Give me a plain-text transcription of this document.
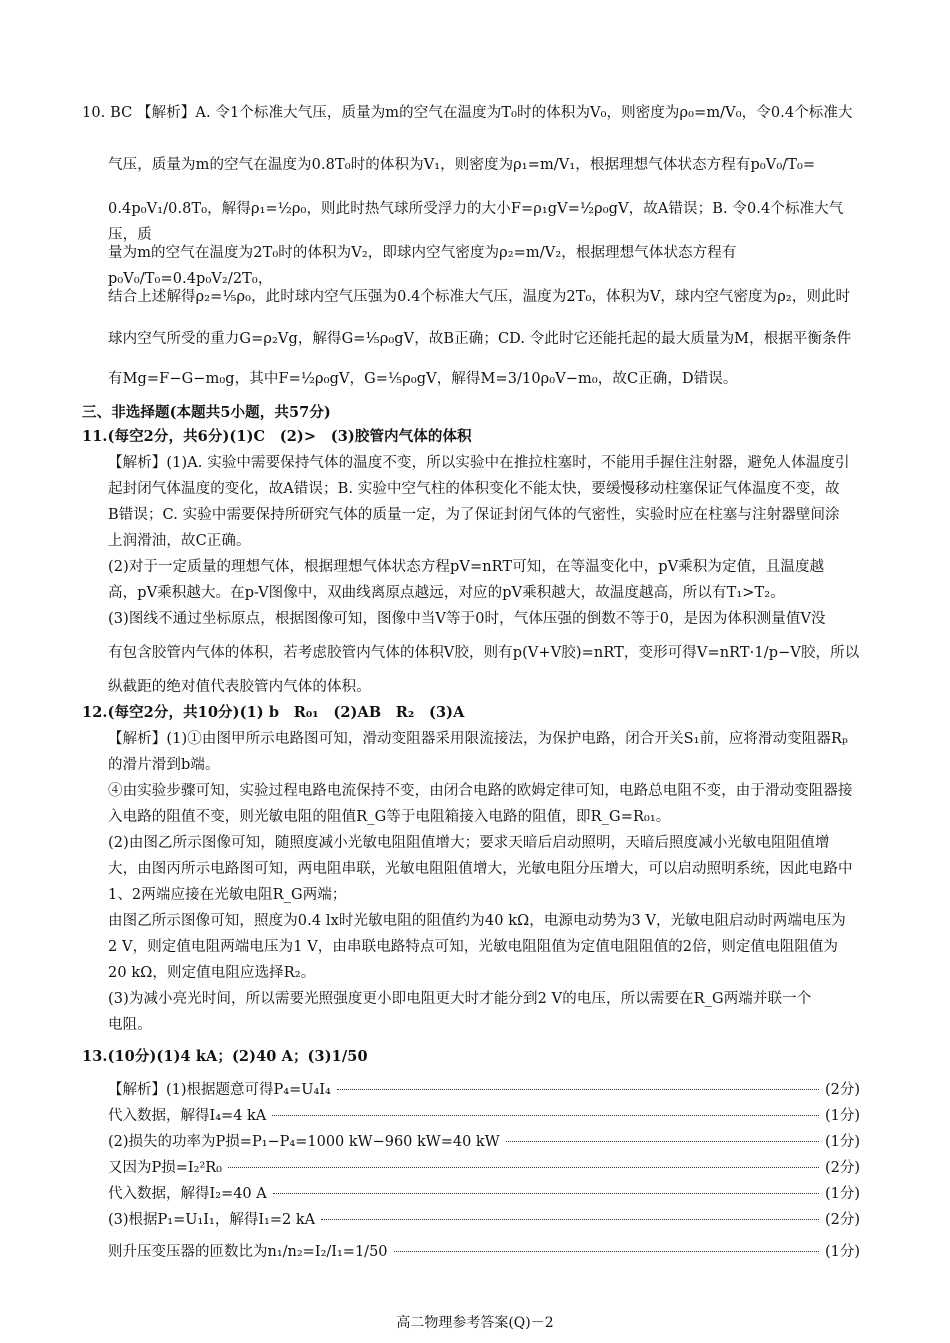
10. BC 【解析】A. 令1个标准大气压，质量为m的空气在温度为T₀时的体积为V₀，则密度为ρ₀=m/V₀，令0.4个标准大
气压，质量为m的空气在温度为0.8T₀时的体积为V₁，则密度为ρ₁=m/V₁，根据理想气体状态方程有p₀V₀/T₀=
0.4p₀V₁/0.8T₀，解得ρ₁=½ρ₀，则此时热气球所受浮力的大小F=ρ₁gV=½ρ₀gV，故A错误；B. 令0.4个标准大气压，质
量为m的空气在温度为2T₀时的体积为V₂，即球内空气密度为ρ₂=m/V₂，根据理想气体状态方程有p₀V₀/T₀=0.4p₀V₂/2T₀，
结合上述解得ρ₂=⅕ρ₀，此时球内空气压强为0.4个标准大气压，温度为2T₀，体积为V，球内空气密度为ρ₂，则此时
球内空气所受的重力G=ρ₂Vg，解得G=⅕ρ₀gV，故B正确；CD. 令此时它还能托起的最大质量为M，根据平衡条件
有Mg=F−G−m₀g，其中F=½ρ₀gV，G=⅕ρ₀gV，解得M=3/10ρ₀V−m₀，故C正确，D错误。
三、非选择题(本题共5小题，共57分)
11.(每空2分，共6分)(1)C　(2)>　(3)胶管内气体的体积
【解析】(1)A. 实验中需要保持气体的温度不变，所以实验中在推拉柱塞时，不能用手握住注射器，避免人体温度引
起封闭气体温度的变化，故A错误；B. 实验中空气柱的体积变化不能太快，要缓慢移动柱塞保证气体温度不变，故
B错误；C. 实验中需要保持所研究气体的质量一定，为了保证封闭气体的气密性，实验时应在柱塞与注射器壁间涂
上润滑油，故C正确。
(2)对于一定质量的理想气体，根据理想气体状态方程pV=nRT可知，在等温变化中，pV乘积为定值，且温度越
高，pV乘积越大。在p-V图像中，双曲线离原点越远，对应的pV乘积越大，故温度越高，所以有T₁>T₂。
(3)图线不通过坐标原点，根据图像可知，图像中当V等于0时，气体压强的倒数不等于0，是因为体积测量值V没
有包含胶管内气体的体积，若考虑胶管内气体的体积V胶，则有p(V+V胶)=nRT，变形可得V=nRT·1/p−V胶，所以
纵截距的绝对值代表胶管内气体的体积。
12.(每空2分，共10分)(1) b　R₀₁　(2)AB　R₂　(3)A
【解析】(1)①由图甲所示电路图可知，滑动变阻器采用限流接法，为保护电路，闭合开关S₁前，应将滑动变阻器Rₚ
的滑片滑到b端。
④由实验步骤可知，实验过程电路电流保持不变，由闭合电路的欧姆定律可知，电路总电阻不变，由于滑动变阻器接
入电路的阻值不变，则光敏电阻的阻值R_G等于电阻箱接入电路的阻值，即R_G=R₀₁。
(2)由图乙所示图像可知，随照度减小光敏电阻阻值增大；要求天暗后启动照明，天暗后照度减小光敏电阻阻值增
大，由图丙所示电路图可知，两电阻串联，光敏电阻阻值增大，光敏电阻分压增大，可以启动照明系统，因此电路中
1、2两端应接在光敏电阻R_G两端；
由图乙所示图像可知，照度为0.4 lx时光敏电阻的阻值约为40 kΩ，电源电动势为3 V，光敏电阻启动时两端电压为
2 V，则定值电阻两端电压为1 V，由串联电路特点可知，光敏电阻阻值为定值电阻阻值的2倍，则定值电阻阻值为
20 kΩ，则定值电阻应选择R₂。
(3)为减小亮光时间，所以需要光照强度更小即电阻更大时才能分到2 V的电压，所以需要在R_G两端并联一个
电阻。
13.(10分)(1)4 kA；(2)40 A；(3)1/50
【解析】(1)根据题意可得P₄=U₄I₄	(2分)
代入数据，解得I₄=4 kA	(1分)
(2)损失的功率为P损=P₁−P₄=1000 kW−960 kW=40 kW	(1分)
又因为P损=I₂²R₀	(2分)
代入数据，解得I₂=40 A	(1分)
(3)根据P₁=U₁I₁，解得I₁=2 kA	(2分)
则升压变压器的匝数比为n₁/n₂=I₂/I₁=1/50	(1分)
高二物理参考答案(Q)－2
